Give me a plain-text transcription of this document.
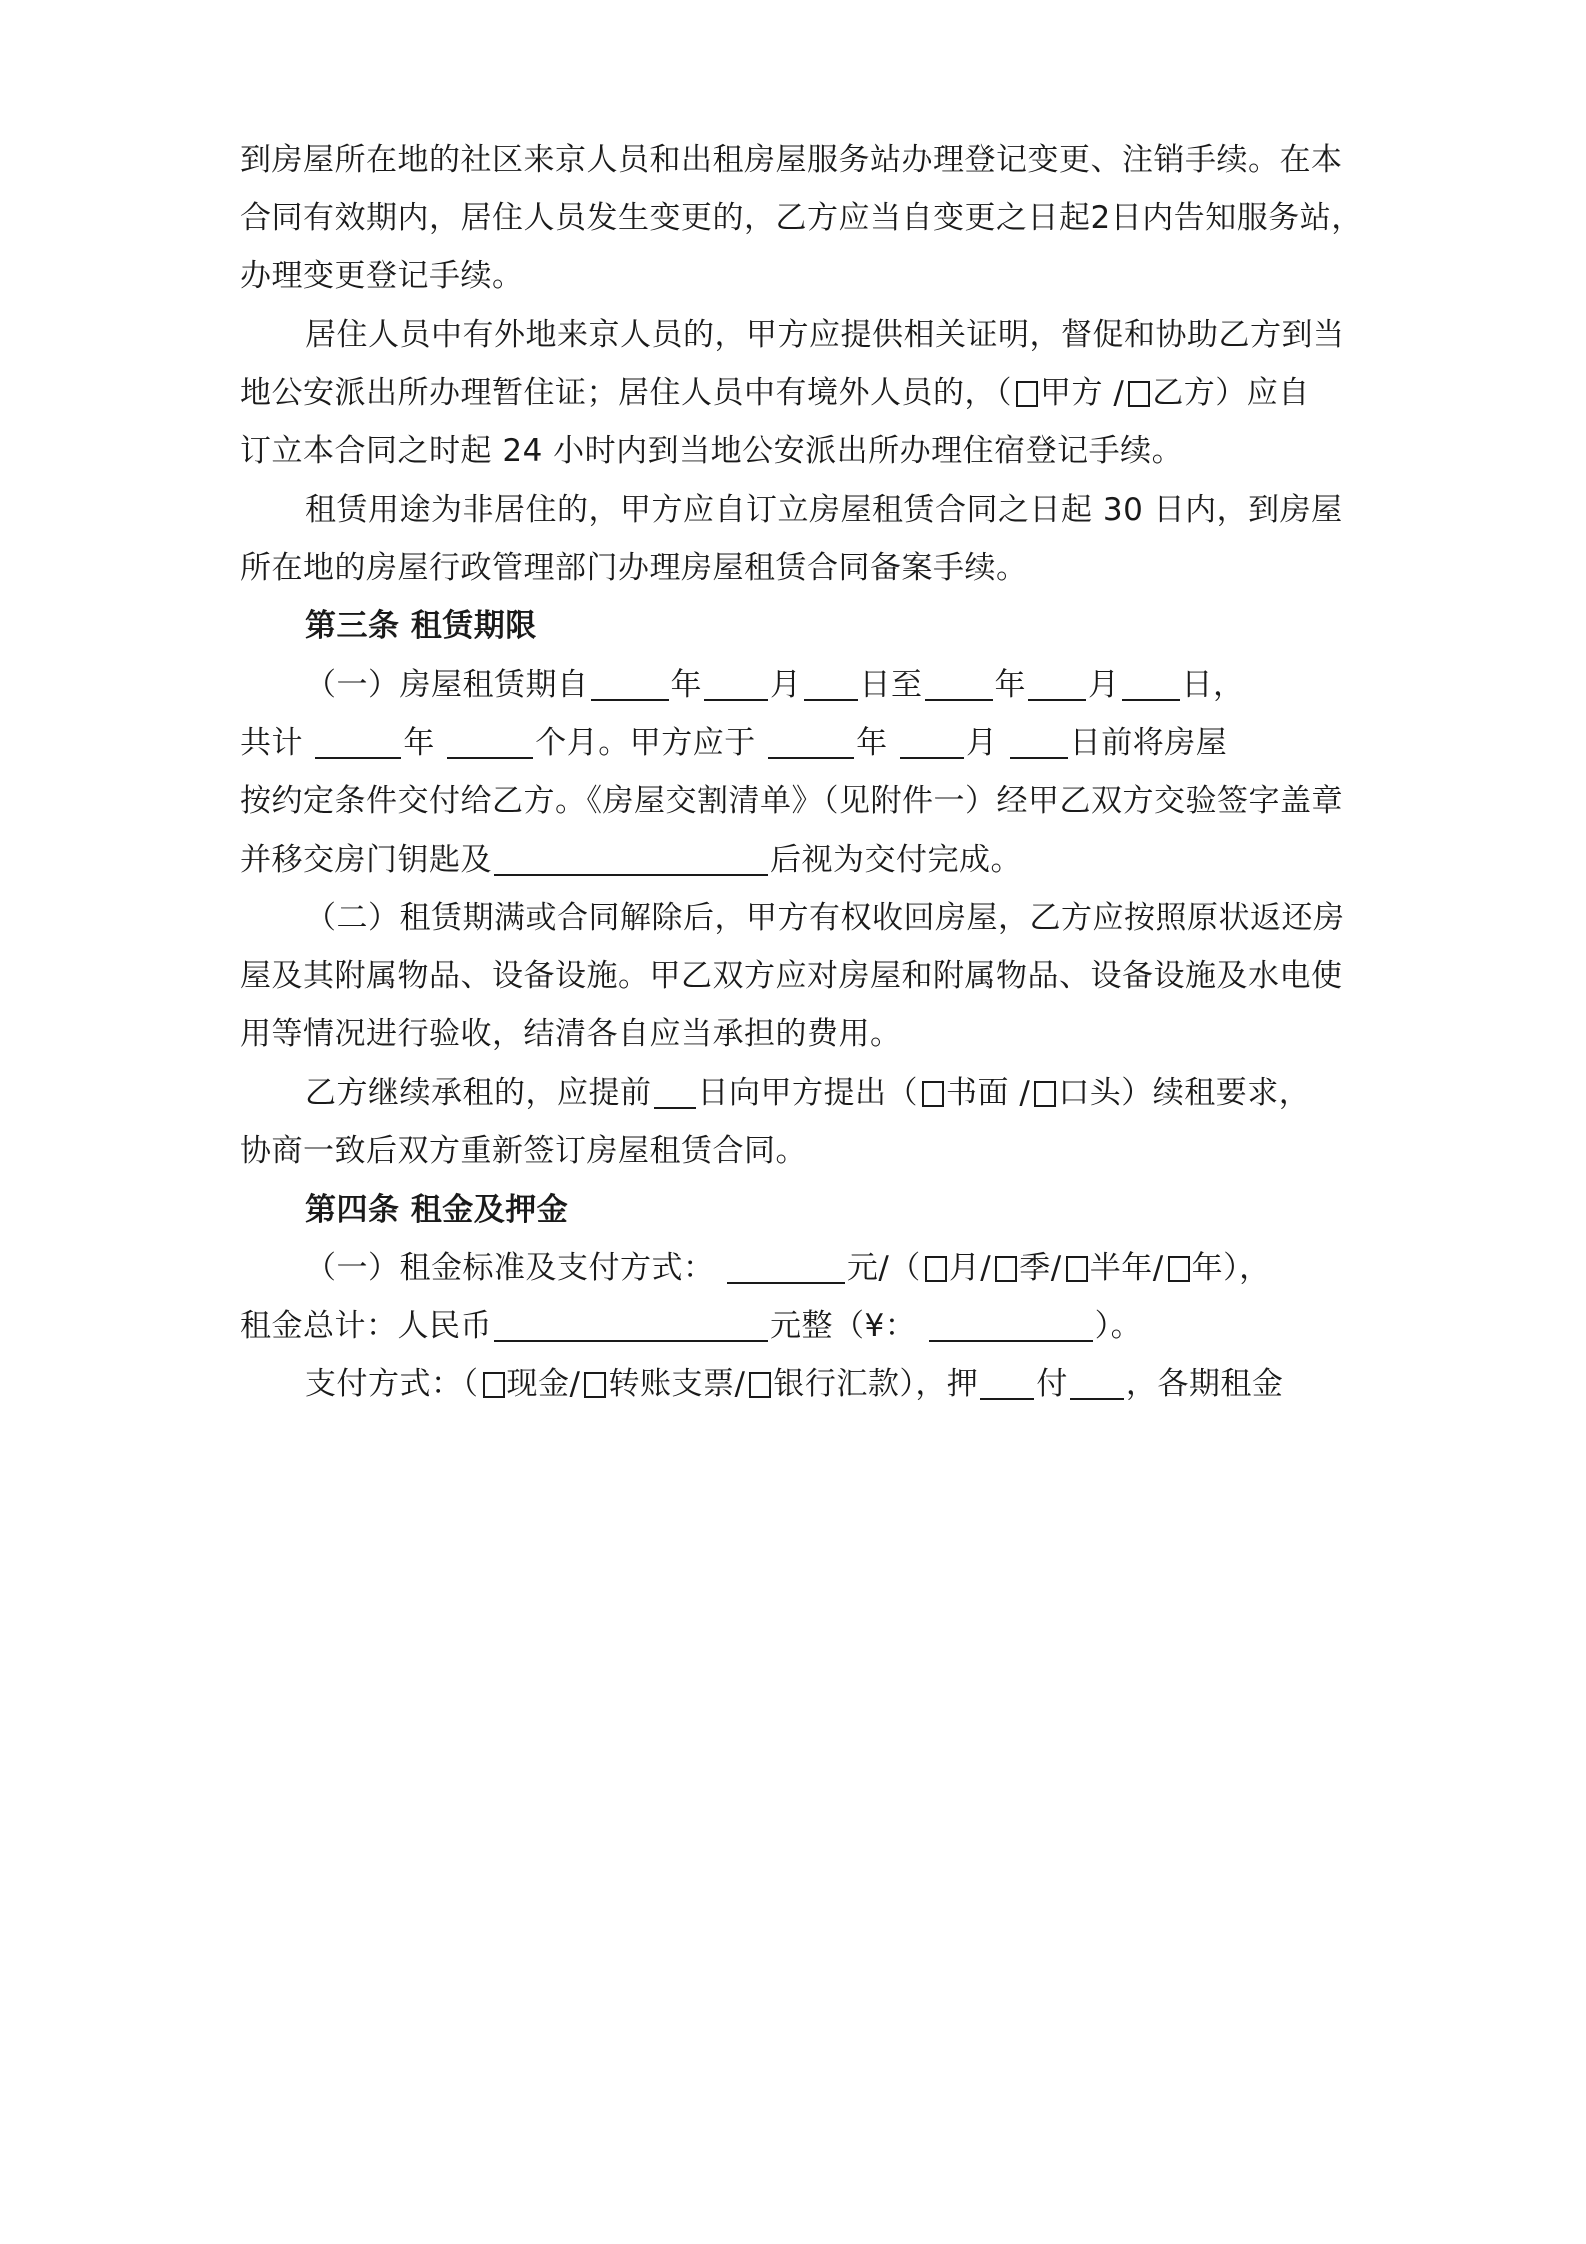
到房屋所在地的社区来京人员和出租房屋服务站办理登记变更、注销手续。在本
合同有效期内，居住人员发生变更的，乙方应当自变更之日起2日内告知服务站，
办理变更登记手续。
居住人员中有外地来京人员的，甲方应提供相关证明，督促和协助乙方到当
地公安派出所办理暂住证；居住人员中有境外人员的，（ 甲方 / 乙方）应自
订立本合同之时起 24 小时内到当地公安派出所办理住宿登记手续。
租赁用途为非居住的，甲方应自订立房屋租赁合同之日起 30 日内，到房屋
所在地的房屋行政管理部门办理房屋租赁合同备案手续。
第三条 租赁期限
（一）房屋租赁期自	年 月 日至 年 月 日，
共计	年	个月。甲方应于	年	月 日前将房屋
按约定条件交付给乙方。《房屋交割清单》（见附件一）经甲乙双方交验签字盖章
并移交房门钥匙及	后视为交付完成。
（二）租赁期满或合同解除后，甲方有权收回房屋，乙方应按照原状返还房
屋及其附属物品、设备设施。甲乙双方应对房屋和附属物品、设备设施及水电使
用等情况进行验收，结清各自应当承担的费用。
乙方继续承租的，应提前 日向甲方提出（ 书面 / 口头）续租要求，
协商一致后双方重新签订房屋租赁合同。
第四条 租金及押金
（一）租金标准及支付方式：	元/（ 月/ 季/ 半年/ 年），
租金总计：人民币	元整（¥：	）。
支付方式：（ 现金/ 转账支票/ 银行汇款），押 付 ，各期租金
